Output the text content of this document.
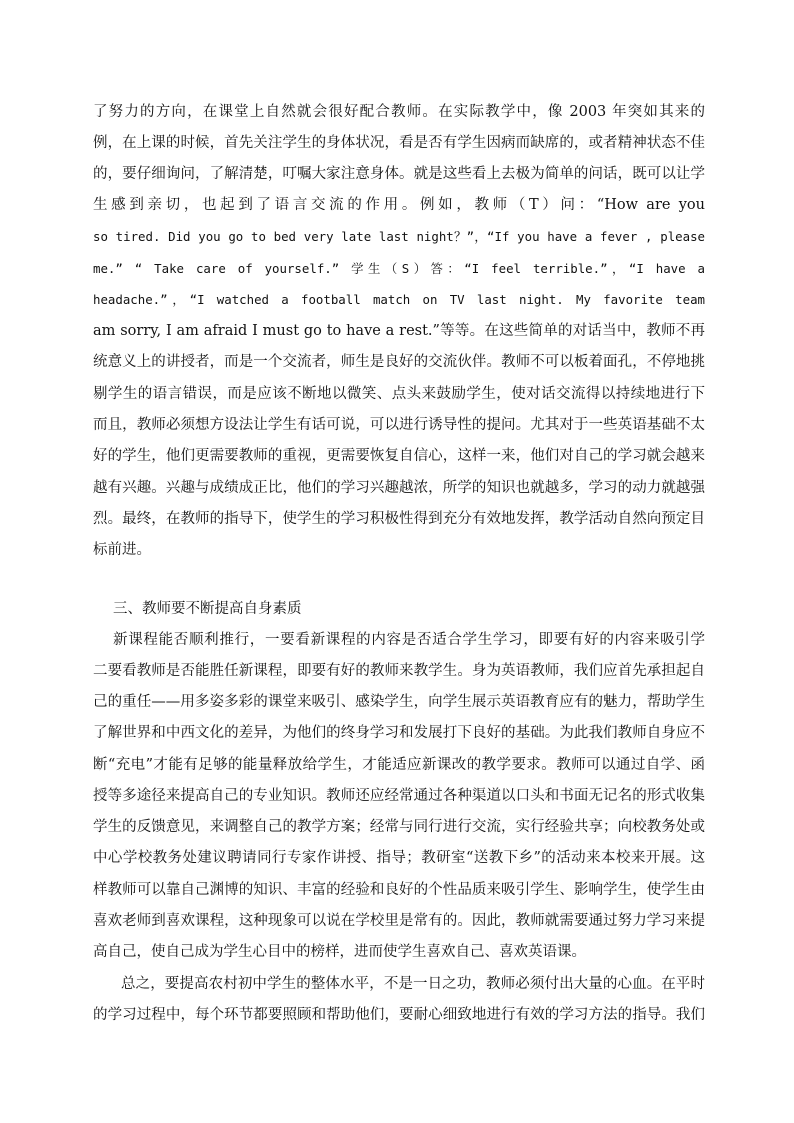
了努力的方向，在课堂上自然就会很好配合教师。在实际教学中，像 2003 年突如其来的
例，在上课的时候，首先关注学生的身体状况，看是否有学生因病而缺席的，或者精神状态不佳
的，要仔细询问，了解清楚，叮嘱大家注意身体。就是这些看上去极为简单的问话，既可以让学
生感到亲切，也起到了语言交流的作用。例如，教师（T）问：“How are you
so tired. Did you go to bed very late last night？”，“If you have a fever , please
me.” “ Take care of yourself.” 学生（S）答：“I feel terrible.”，“I have a
headache.”，“I watched a football match on TV last night. My favorite team
am sorry, I am afraid I must go to have a rest.”等等。在这些简单的对话当中，教师不再
统意义上的讲授者，而是一个交流者，师生是良好的交流伙伴。教师不可以板着面孔，不停地挑
剔学生的语言错误，而是应该不断地以微笑、点头来鼓励学生，使对话交流得以持续地进行下
而且，教师必须想方设法让学生有话可说，可以进行诱导性的提问。尤其对于一些英语基础不太
好的学生，他们更需要教师的重视，更需要恢复自信心，这样一来，他们对自己的学习就会越来
越有兴趣。兴趣与成绩成正比，他们的学习兴趣越浓，所学的知识也就越多，学习的动力就越强
烈。最终，在教师的指导下，使学生的学习积极性得到充分有效地发挥，教学活动自然向预定目
标前进。
三、教师要不断提高自身素质
新课程能否顺利推行，一要看新课程的内容是否适合学生学习，即要有好的内容来吸引学
二要看教师是否能胜任新课程，即要有好的教师来教学生。身为英语教师，我们应首先承担起自
己的重任——用多姿多彩的课堂来吸引、感染学生，向学生展示英语教育应有的魅力，帮助学生
了解世界和中西文化的差异，为他们的终身学习和发展打下良好的基础。为此我们教师自身应不
断“充电”才能有足够的能量释放给学生，才能适应新课改的教学要求。教师可以通过自学、函
授等多途径来提高自己的专业知识。教师还应经常通过各种渠道以口头和书面无记名的形式收集
学生的反馈意见，来调整自己的教学方案；经常与同行进行交流，实行经验共享；向校教务处或
中心学校教务处建议聘请同行专家作讲授、指导；教研室“送教下乡”的活动来本校来开展。这
样教师可以靠自己渊博的知识、丰富的经验和良好的个性品质来吸引学生、影响学生，使学生由
喜欢老师到喜欢课程，这种现象可以说在学校里是常有的。因此，教师就需要通过努力学习来提
高自己，使自己成为学生心目中的榜样，进而使学生喜欢自己、喜欢英语课。
总之，要提高农村初中学生的整体水平，不是一日之功，教师必须付出大量的心血。在平时
的学习过程中，每个环节都要照顾和帮助他们，要耐心细致地进行有效的学习方法的指导。我们
